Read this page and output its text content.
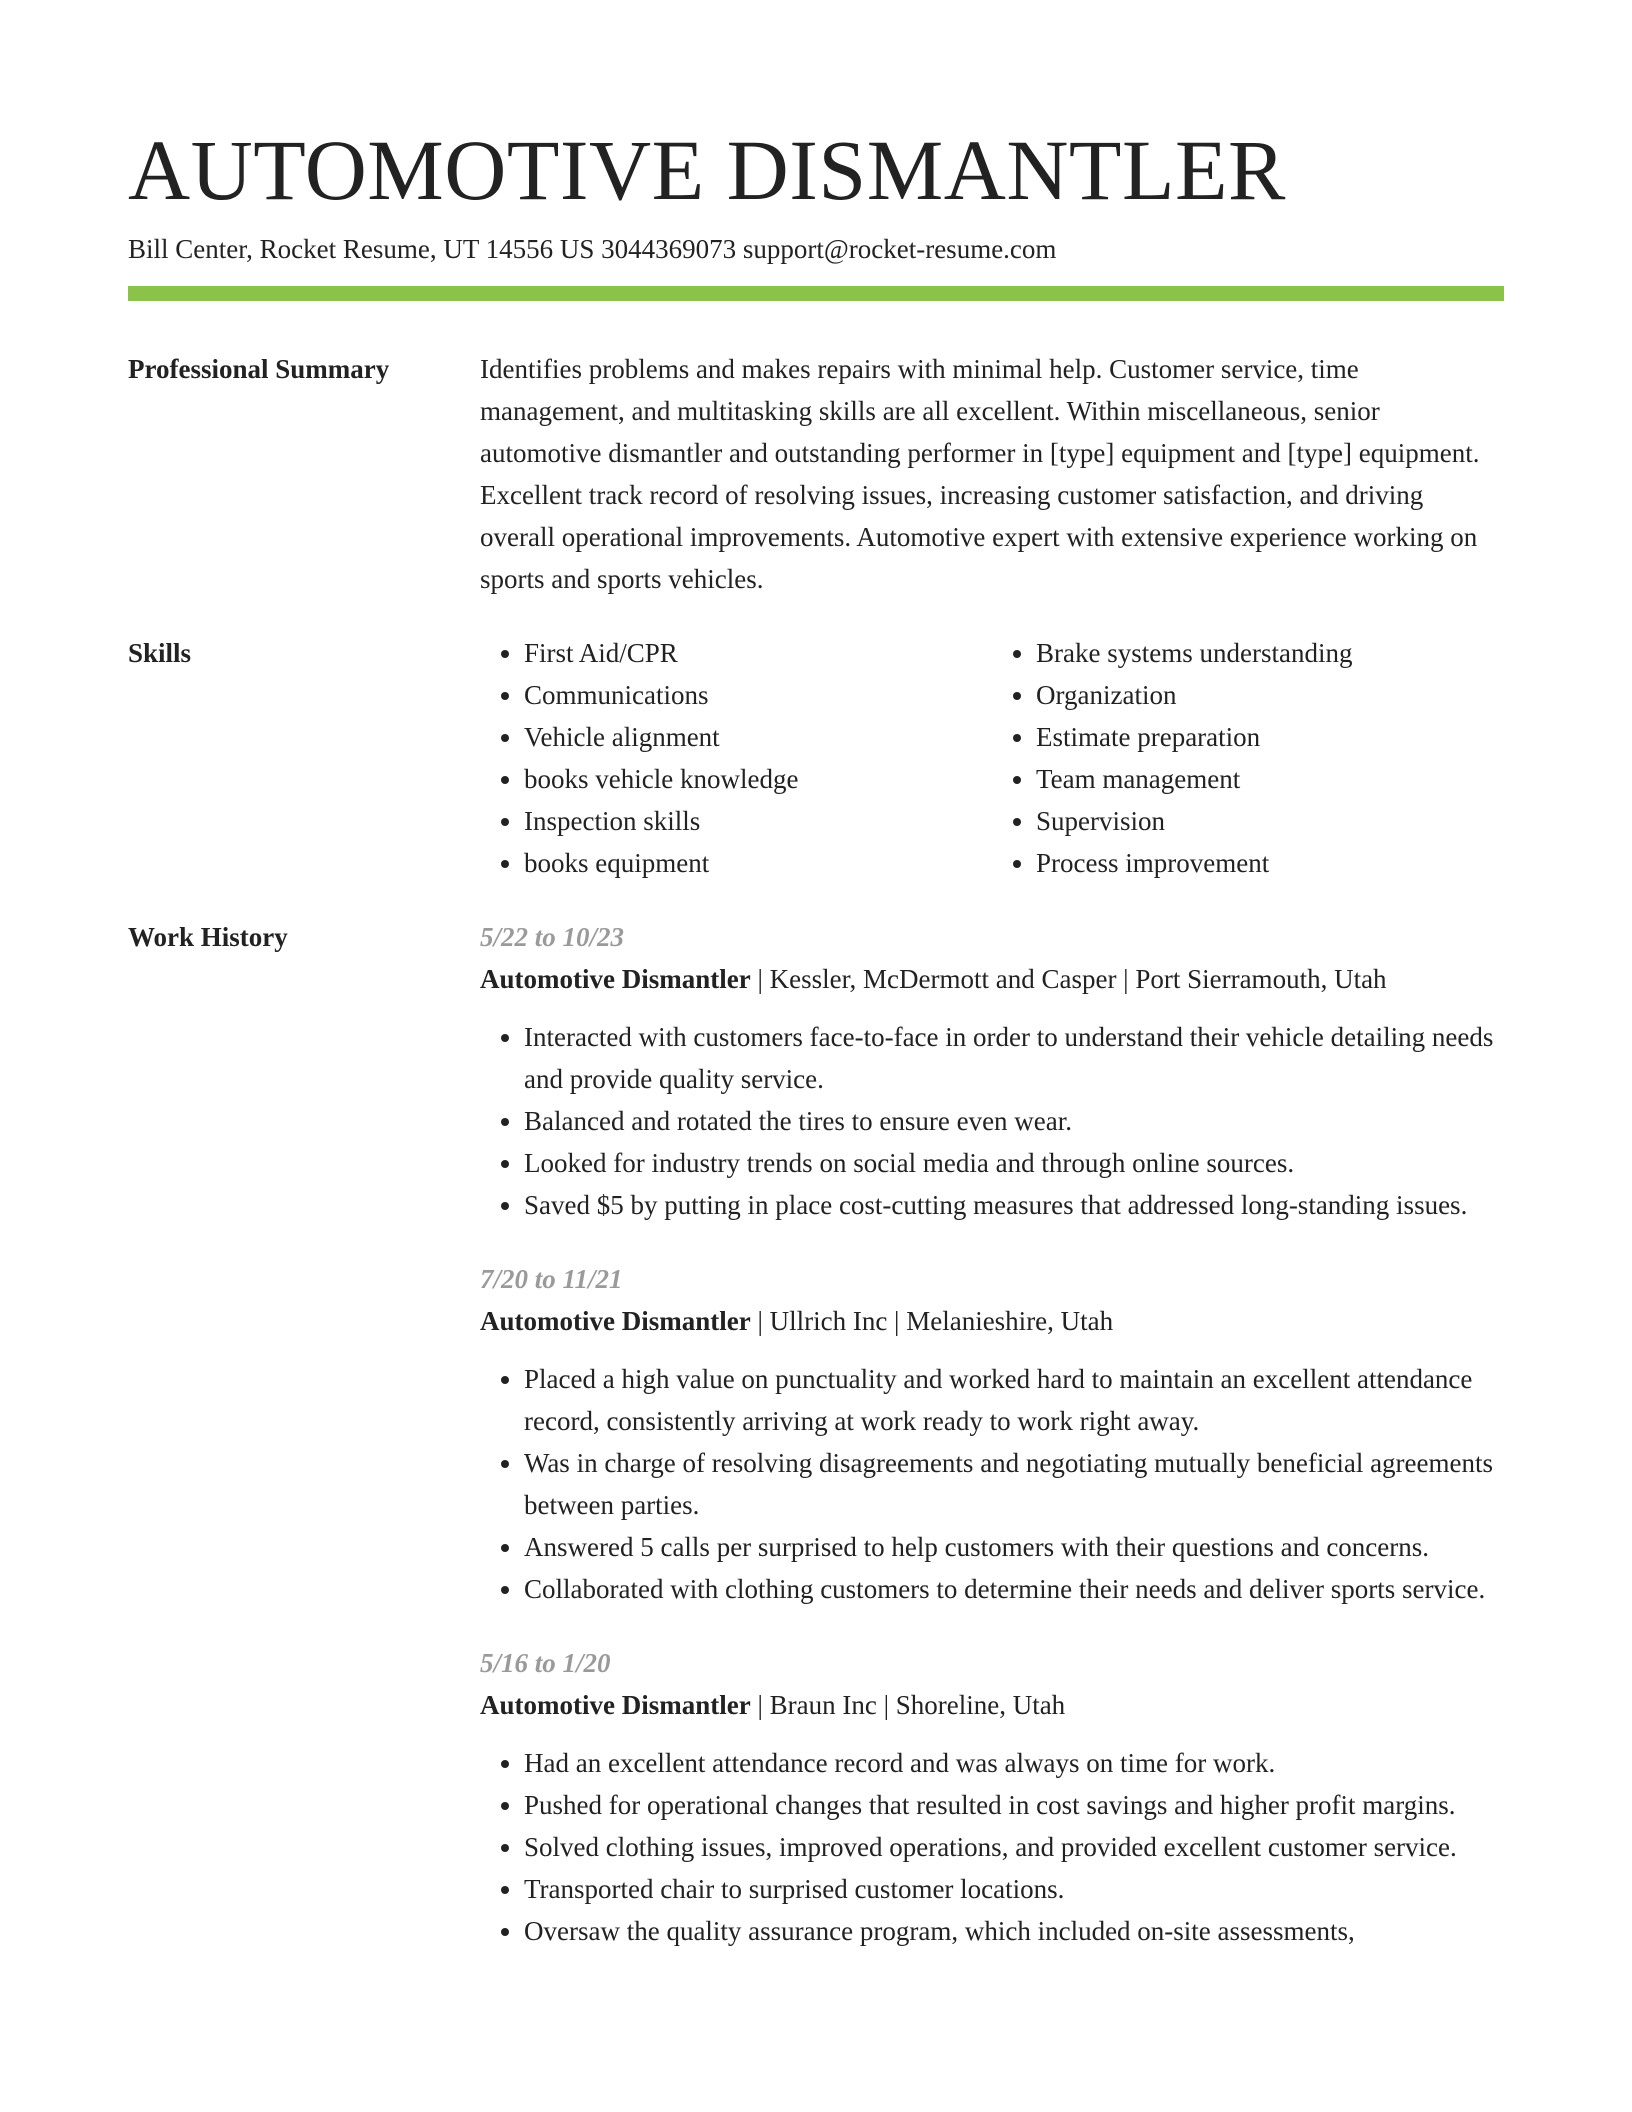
AUTOMOTIVE DISMANTLER
Bill Center, Rocket Resume, UT 14556 US 3044369073 support@rocket-resume.com
Professional Summary	Identifies problems and makes repairs with minimal help. Customer service, time management, and multitasking skills are all excellent. Within miscellaneous, senior automotive dismantler and outstanding performer in [type] equipment and [type] equipment. Excellent track record of resolving issues, increasing customer satisfaction, and driving overall operational improvements. Automotive expert with extensive experience working on sports and sports vehicles.

Skills
•	First Aid/CPR
• Communications
• Vehicle alignment
• books vehicle knowledge
• Inspection skills
• books equipment
• Brake systems understanding
• Organization
• Estimate preparation
• Team management
• Supervision
• Process improvement
Work History	5/22 to 10/23
Automotive Dismantler | Kessler, McDermott and Casper | Port Sierramouth, Utah
• Interacted with customers face-to-face in order to understand their vehicle detailing needs and provide quality service.
• Balanced and rotated the tires to ensure even wear.
• Looked for industry trends on social media and through online sources.
• Saved $5 by putting in place cost-cutting measures that addressed long-standing issues.
7/20 to 11/21
Automotive Dismantler | Ullrich Inc | Melanieshire, Utah
• Placed a high value on punctuality and worked hard to maintain an excellent attendance record, consistently arriving at work ready to work right away.
• Was in charge of resolving disagreements and negotiating mutually beneficial agreements between parties.
• Answered 5 calls per surprised to help customers with their questions and concerns.
• Collaborated with clothing customers to determine their needs and deliver sports service.
5/16 to 1/20
Automotive Dismantler | Braun Inc | Shoreline, Utah
• Had an excellent attendance record and was always on time for work.
• Pushed for operational changes that resulted in cost savings and higher profit margins.
• Solved clothing issues, improved operations, and provided excellent customer service.
• Transported chair to surprised customer locations.
• Oversaw the quality assurance program, which included on-site assessments,
